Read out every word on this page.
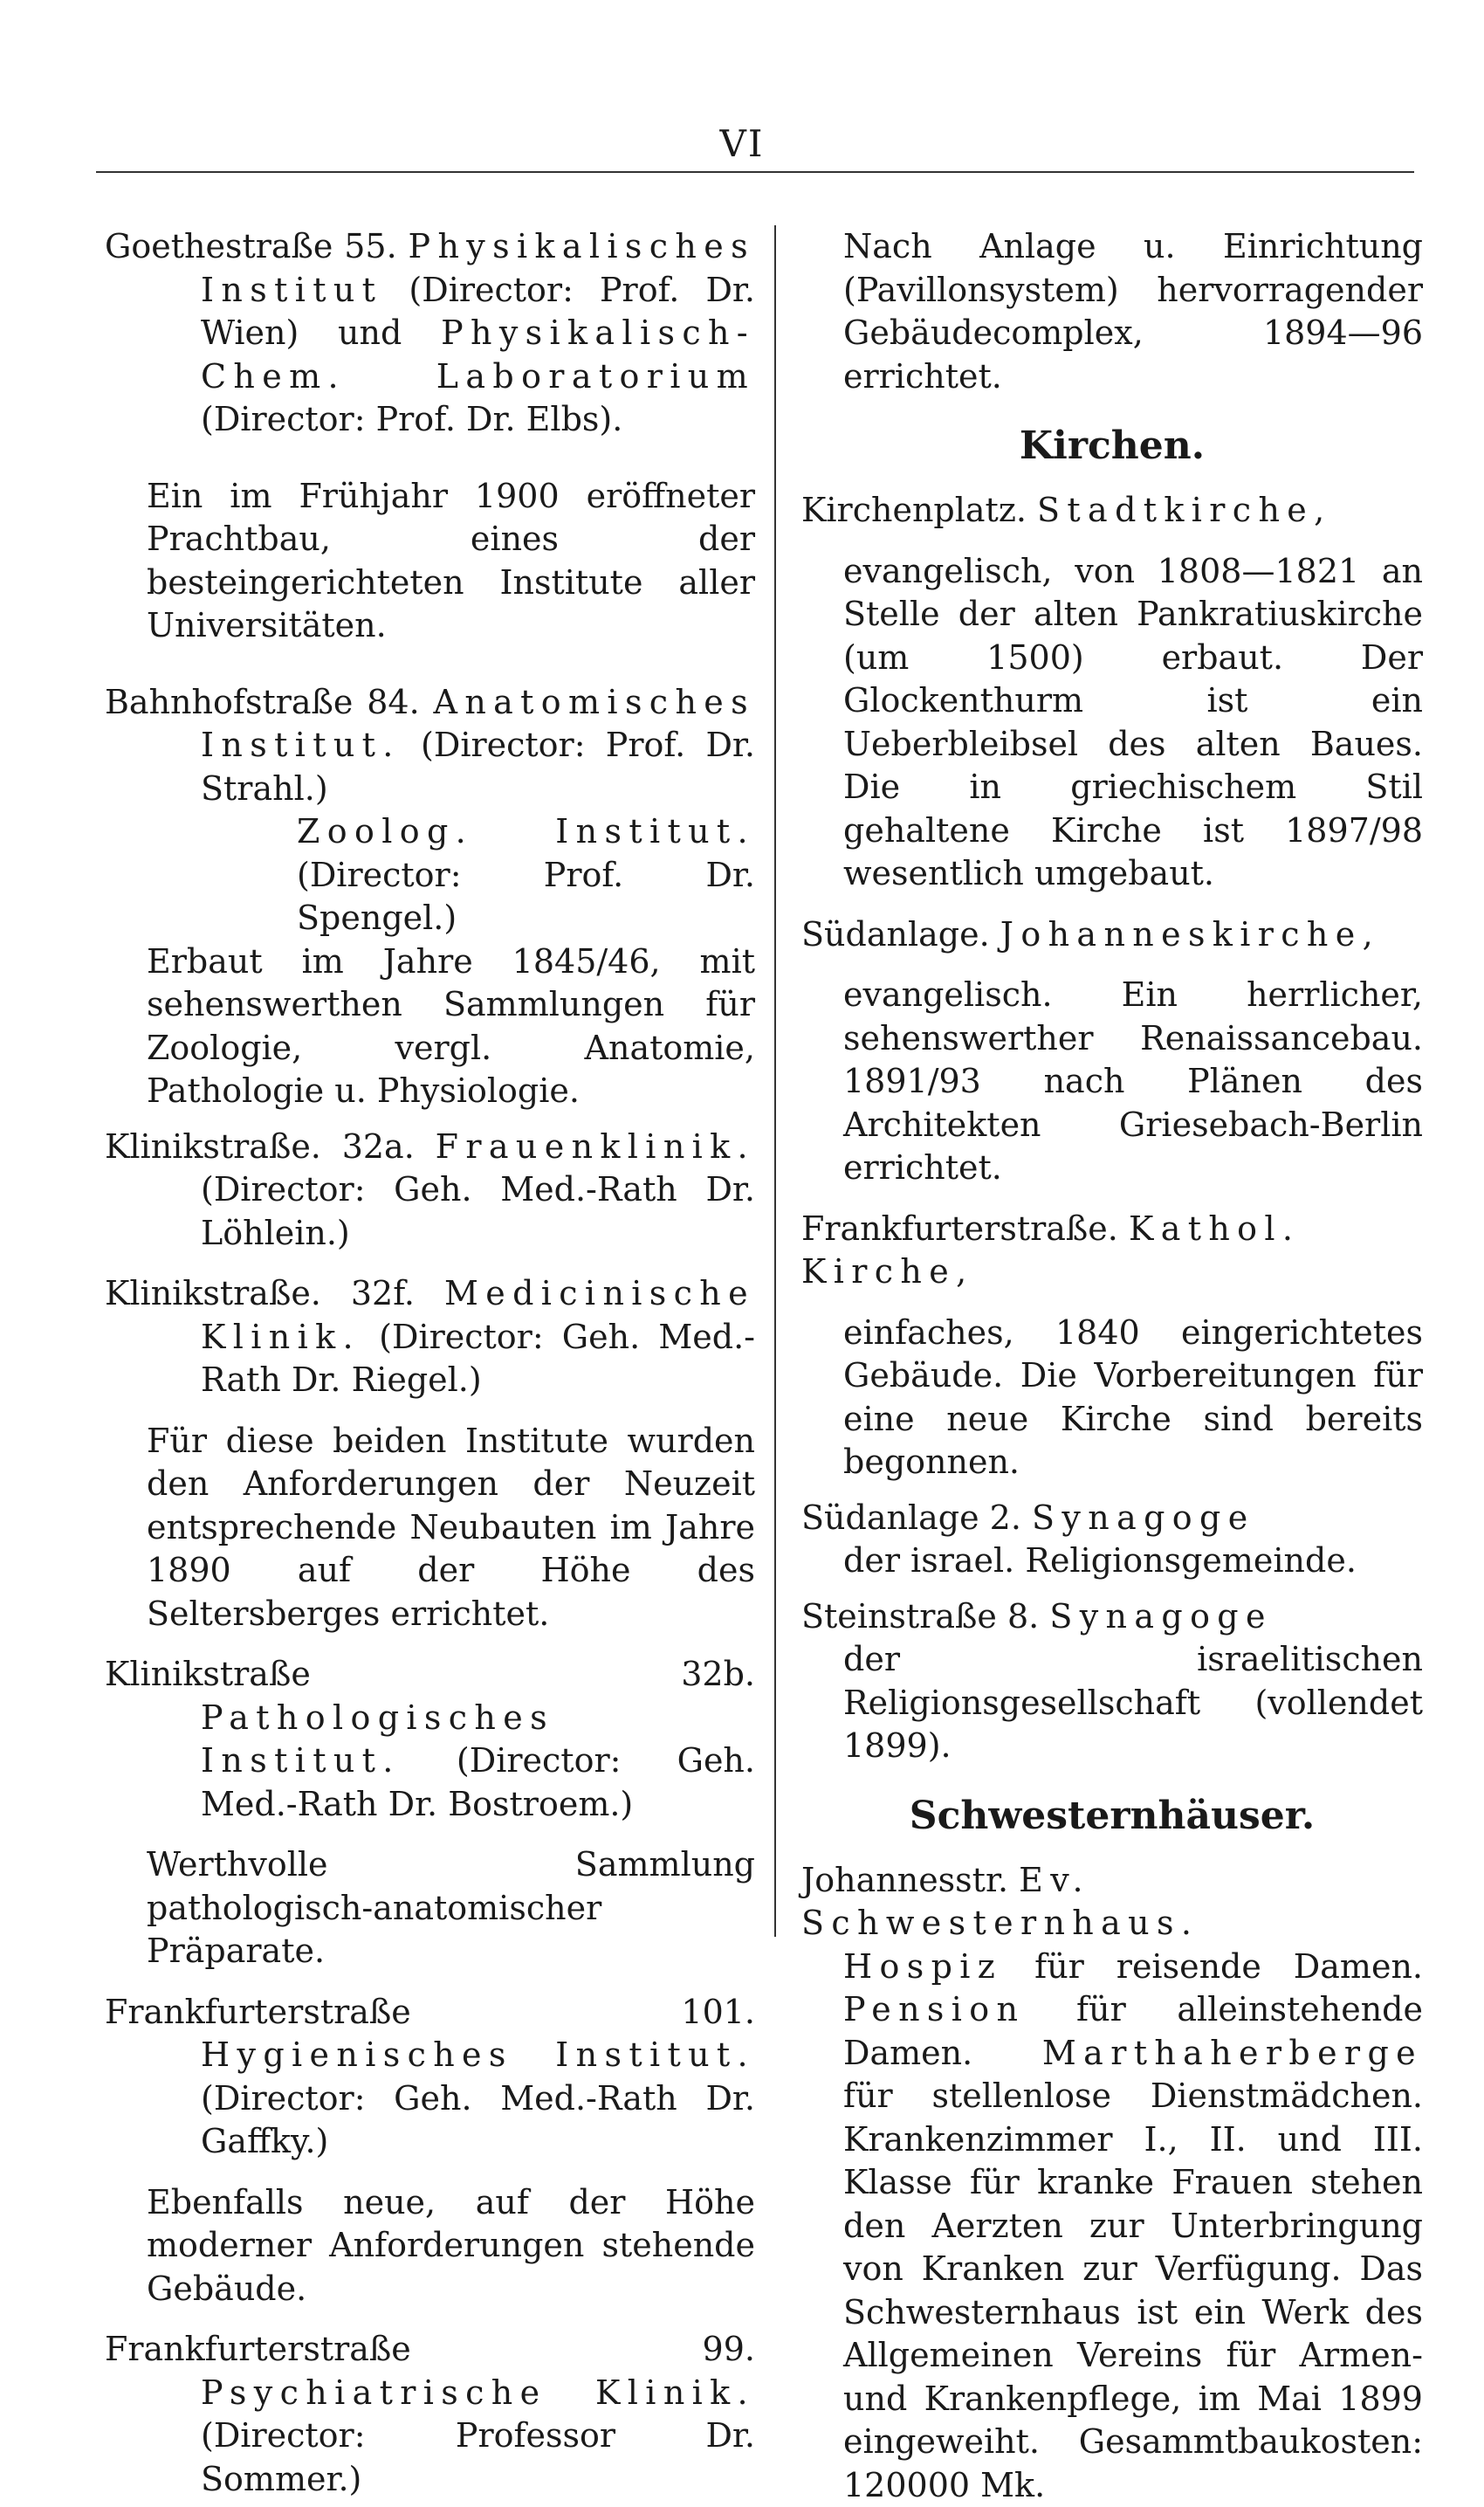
VI

Goethestraße 55. Physikalisches Institut (Director: Prof. Dr. Wien) und Physikalisch-Chem. Laboratorium (Director: Prof. Dr. Elbs).

Ein im Frühjahr 1900 eröffneter Prachtbau, eines der besteingerichteten Institute aller Universitäten.

Bahnhofstraße 84. Anatomisches Institut. (Director: Prof. Dr. Strahl.)
Zoolog. Institut. (Director: Prof. Dr. Spengel.)

Erbaut im Jahre 1845/46, mit sehenswerthen Sammlungen für Zoologie, vergl. Anatomie, Pathologie u. Physiologie.

Klinikstraße. 32a. Frauenklinik. (Director: Geh. Med.-Rath Dr. Löhlein.)

Klinikstraße. 32f. Medicinische Klinik. (Director: Geh. Med.-Rath Dr. Riegel.)

Für diese beiden Institute wurden den Anforderungen der Neuzeit entsprechende Neubauten im Jahre 1890 auf der Höhe des Seltersberges errichtet.

Klinikstraße 32b. Pathologisches Institut. (Director: Geh. Med.-Rath Dr. Bostroem.)

Werthvolle Sammlung pathologisch-anatomischer Präparate.

Frankfurterstraße 101. Hygienisches Institut. (Director: Geh. Med.-Rath Dr. Gaffky.)

Ebenfalls neue, auf der Höhe moderner Anforderungen stehende Gebäude.

Frankfurterstraße 99. Psychiatrische Klinik. (Director: Professor Dr. Sommer.)

Nach Anlage u. Einrichtung (Pavillonsystem) hervorragender Gebäudecomplex, 1894—96 errichtet.

Kirchen.

Kirchenplatz. Stadtkirche,

evangelisch, von 1808—1821 an Stelle der alten Pankratiuskirche (um 1500) erbaut. Der Glockenthurm ist ein Ueberbleibsel des alten Baues. Die in griechischem Stil gehaltene Kirche ist 1897/98 wesentlich umgebaut.

Südanlage. Johanneskirche,

evangelisch. Ein herrlicher, sehenswerther Renaissancebau. 1891/93 nach Plänen des Architekten Griesebach-Berlin errichtet.

Frankfurterstraße. Kathol. Kirche,

einfaches, 1840 eingerichtetes Gebäude. Die Vorbereitungen für eine neue Kirche sind bereits begonnen.

Südanlage 2. Synagoge

der israel. Religionsgemeinde.

Steinstraße 8. Synagoge

der israelitischen Religionsgesellschaft (vollendet 1899).

Schwesternhäuser.

Johannesstr. Ev. Schwesternhaus.

Hospiz für reisende Damen. Pension für alleinstehende Damen. Marthaherberge für stellenlose Dienstmädchen. Krankenzimmer I., II. und III. Klasse für kranke Frauen stehen den Aerzten zur Unterbringung von Kranken zur Verfügung. Das Schwesternhaus ist ein Werk des Allgemeinen Vereins für Armen- und Krankenpflege, im Mai 1899 eingeweiht. Gesammtbaukosten: 120000 Mk.
